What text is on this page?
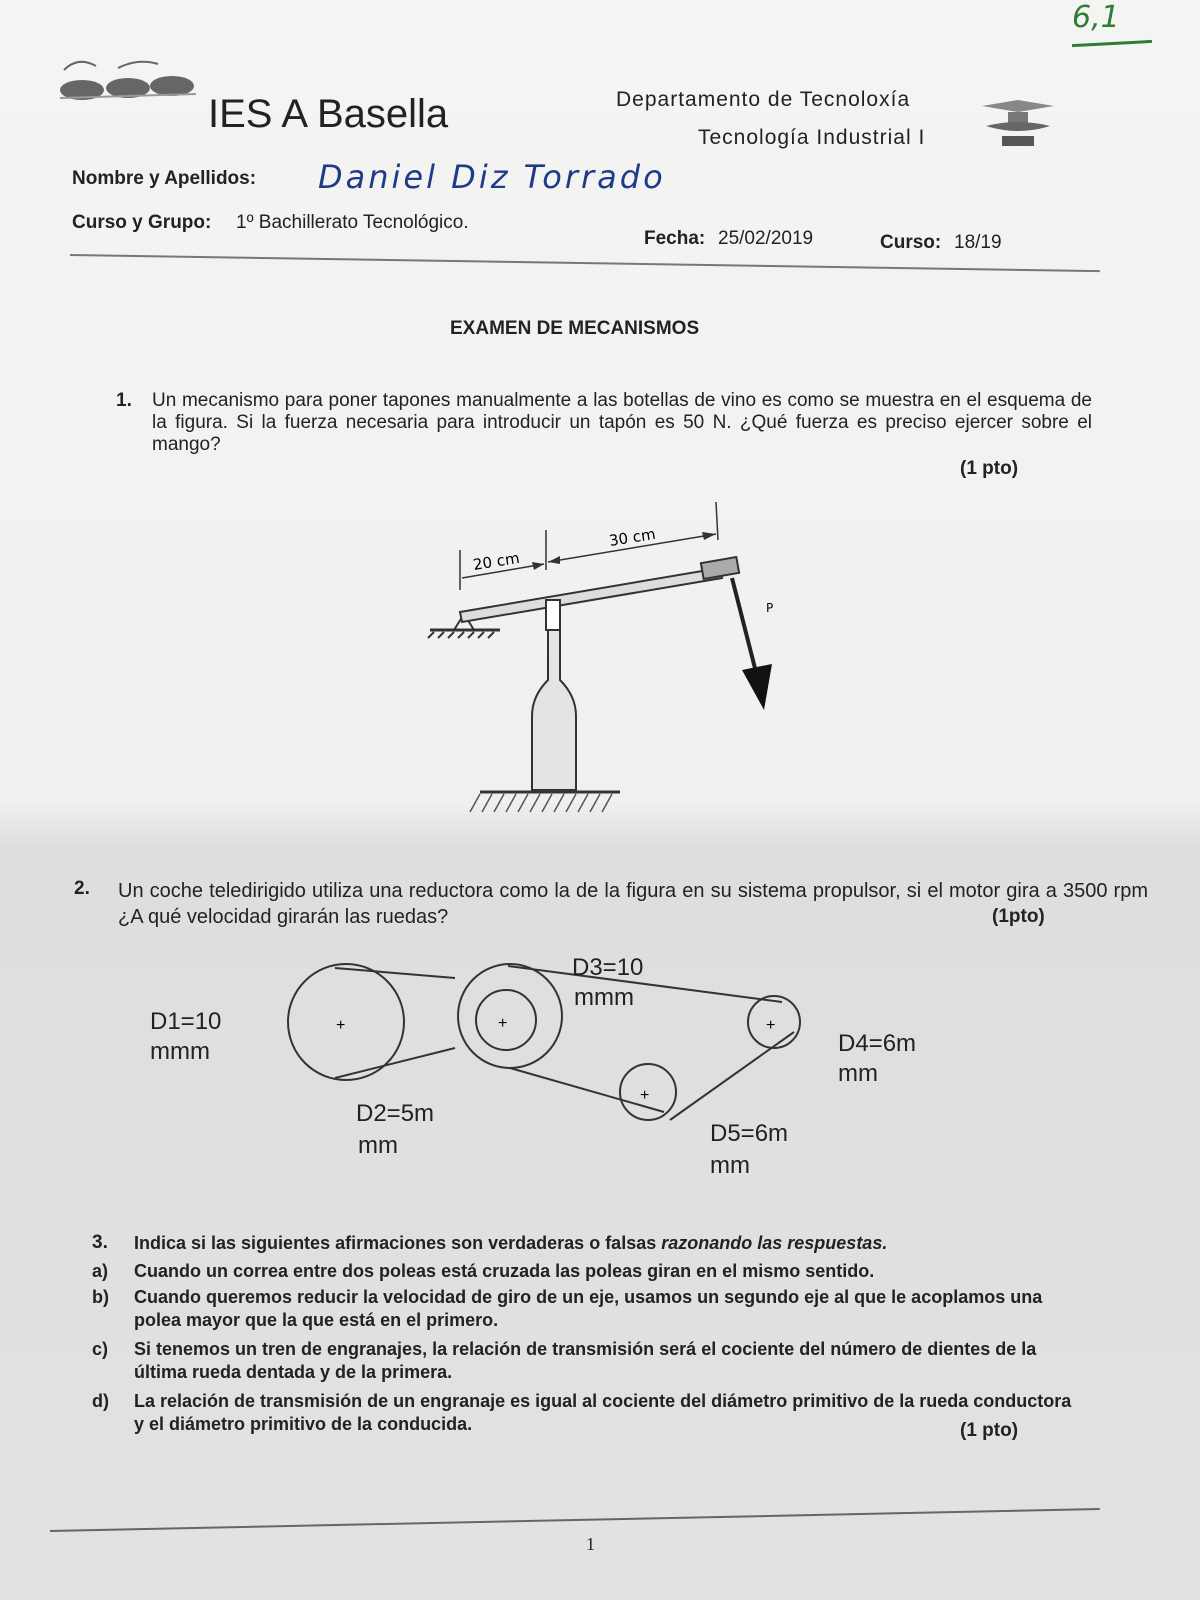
6,1
IES A Basella	Departamento de Tecnoloxía
Tecnología Industrial I
Nombre y Apellidos: Daniel Diz Torrado
Curso y Grupo: 1º Bachillerato Tecnológico.
Fecha: 25/02/2019	Curso: 18/19
EXAMEN DE MECANISMOS
1. Un mecanismo para poner tapones manualmente a las botellas de vino es como se muestra en el esquema de la figura. Si la fuerza necesaria para introducir un tapón es 50 N. ¿Qué fuerza es preciso ejercer sobre el mango?
(1 pto)
20 cm
30 cm
P
2. Un coche teledirigido utiliza una reductora como la de la figura en su sistema propulsor, si el motor gira a 3500 rpm ¿A qué velocidad girarán las ruedas?	(1pto)
+	+	+
+
D3=10
mmm
D1=10
mmm	D4=6m
mm
D2=5m
mm	D5=6m
mm
3. Indica si las siguientes afirmaciones son verdaderas o falsas razonando las respuestas.
a) Cuando un correa entre dos poleas está cruzada las poleas giran en el mismo sentido.
b) Cuando queremos reducir la velocidad de giro de un eje, usamos un segundo eje al que le acoplamos una polea mayor que la que está en el primero.
c) Si tenemos un tren de engranajes, la relación de transmisión será el cociente del número de dientes de la última rueda dentada y de la primera.
d) La relación de transmisión de un engranaje es igual al cociente del diámetro primitivo de la rueda conductora y el diámetro primitivo de la conducida.	(1 pto)
1
